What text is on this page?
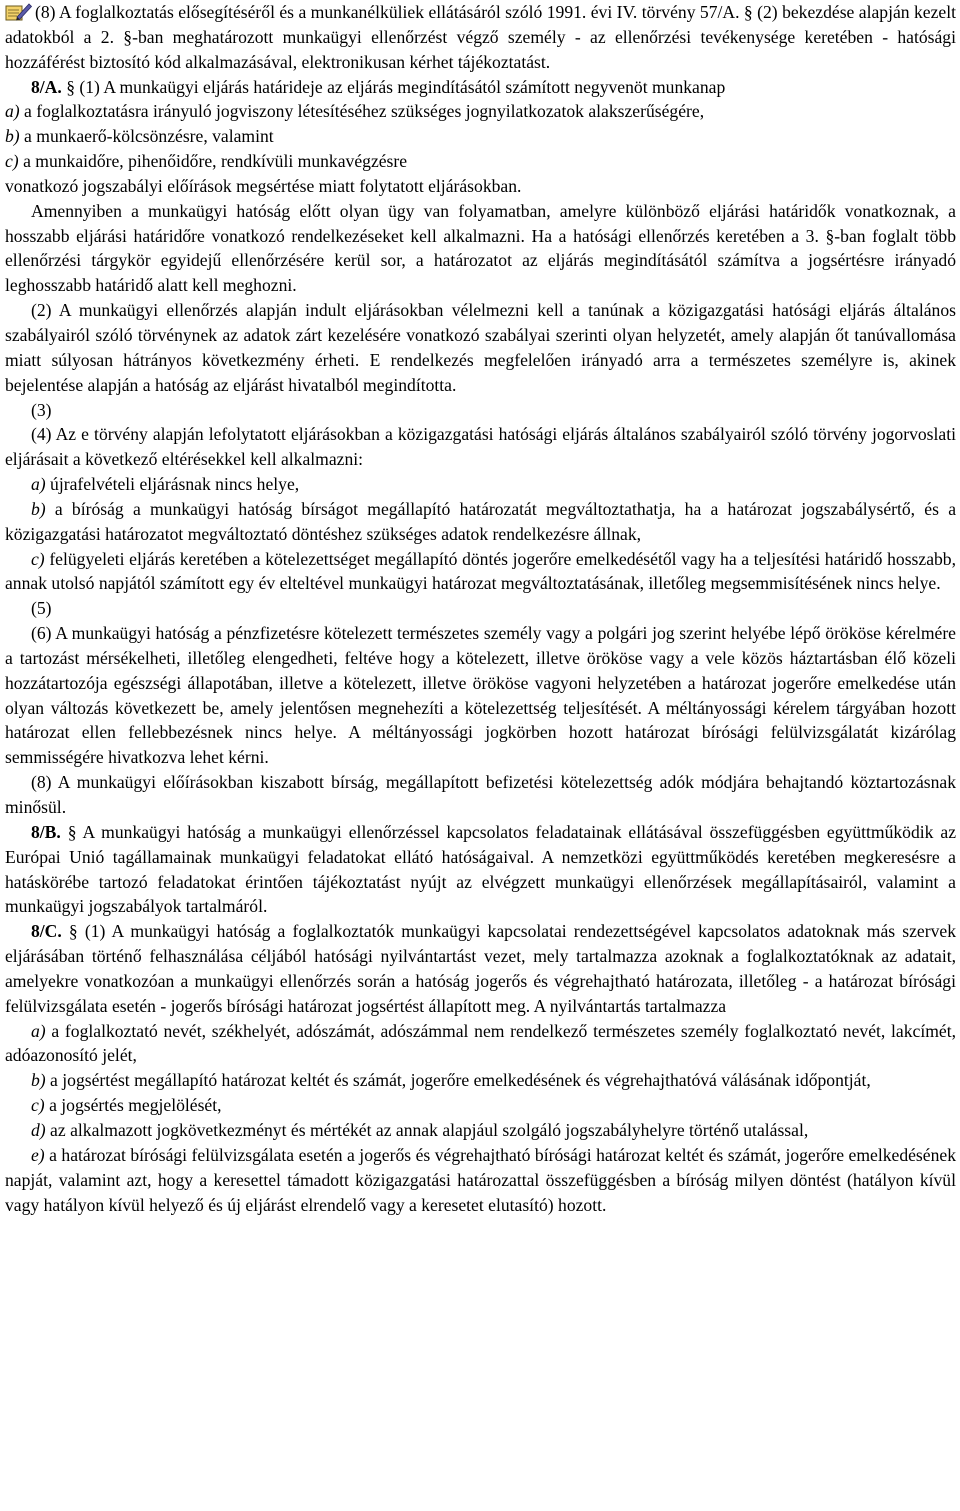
(8) A foglalkoztatás elősegítéséről és a munkanélküliek ellátásáról szóló 1991. évi IV. törvény 57/A. § (2) bekezdése alapján kezelt adatokból a 2. §-ban meghatározott munkaügyi ellenőrzést végző személy - az ellenőrzési tevékenysége keretében - hatósági hozzáférést biztosító kód alkalmazásával, elektronikusan kérhet tájékoztatást.

8/A. § (1) A munkaügyi eljárás határideje az eljárás megindításától számított negyvenöt munkanap

a) a foglalkoztatásra irányuló jogviszony létesítéséhez szükséges jognyilatkozatok alakszerűségére,

b) a munkaerő-kölcsönzésre, valamint

c) a munkaidőre, pihenőidőre, rendkívüli munkavégzésre

vonatkozó jogszabályi előírások megsértése miatt folytatott eljárásokban.

Amennyiben a munkaügyi hatóság előtt olyan ügy van folyamatban, amelyre különböző eljárási határidők vonatkoznak, a hosszabb eljárási határidőre vonatkozó rendelkezéseket kell alkalmazni. Ha a hatósági ellenőrzés keretében a 3. §-ban foglalt több ellenőrzési tárgykör egyidejű ellenőrzésére kerül sor, a határozatot az eljárás megindításától számítva a jogsértésre irányadó leghosszabb határidő alatt kell meghozni.

(2) A munkaügyi ellenőrzés alapján indult eljárásokban vélelmezni kell a tanúnak a közigazgatási hatósági eljárás általános szabályairól szóló törvénynek az adatok zárt kezelésére vonatkozó szabályai szerinti olyan helyzetét, amely alapján őt tanúvallomása miatt súlyosan hátrányos következmény érheti. E rendelkezés megfelelően irányadó arra a természetes személyre is, akinek bejelentése alapján a hatóság az eljárást hivatalból megindította.

(3)

(4) Az e törvény alapján lefolytatott eljárásokban a közigazgatási hatósági eljárás általános szabályairól szóló törvény jogorvoslati eljárásait a következő eltérésekkel kell alkalmazni:

a) újrafelvételi eljárásnak nincs helye,

b) a bíróság a munkaügyi hatóság bírságot megállapító határozatát megváltoztathatja, ha a határozat jogszabálysértő, és a közigazgatási határozatot megváltoztató döntéshez szükséges adatok rendelkezésre állnak,

c) felügyeleti eljárás keretében a kötelezettséget megállapító döntés jogerőre emelkedésétől vagy ha a teljesítési határidő hosszabb, annak utolsó napjától számított egy év elteltével munkaügyi határozat megváltoztatásának, illetőleg megsemmisítésének nincs helye.

(5)

(6) A munkaügyi hatóság a pénzfizetésre kötelezett természetes személy vagy a polgári jog szerint helyébe lépő örököse kérelmére a tartozást mérsékelheti, illetőleg elengedheti, feltéve hogy a kötelezett, illetve örököse vagy a vele közös háztartásban élő közeli hozzátartozója egészségi állapotában, illetve a kötelezett, illetve örököse vagyoni helyzetében a határozat jogerőre emelkedése után olyan változás következett be, amely jelentősen megnehezíti a kötelezettség teljesítését. A méltányossági kérelem tárgyában hozott határozat ellen fellebbezésnek nincs helye. A méltányossági jogkörben hozott határozat bírósági felülvizsgálatát kizárólag semmisségére hivatkozva lehet kérni.

(8) A munkaügyi előírásokban kiszabott bírság, megállapított befizetési kötelezettség adók módjára behajtandó köztartozásnak minősül.

8/B. § A munkaügyi hatóság a munkaügyi ellenőrzéssel kapcsolatos feladatainak ellátásával összefüggésben együttműködik az Európai Unió tagállamainak munkaügyi feladatokat ellátó hatóságaival. A nemzetközi együttműködés keretében megkeresésre a hatáskörébe tartozó feladatokat érintően tájékoztatást nyújt az elvégzett munkaügyi ellenőrzések megállapításairól, valamint a munkaügyi jogszabályok tartalmáról.

8/C. § (1) A munkaügyi hatóság a foglalkoztatók munkaügyi kapcsolatai rendezettségével kapcsolatos adatoknak más szervek eljárásában történő felhasználása céljából hatósági nyilvántartást vezet, mely tartalmazza azoknak a foglalkoztatóknak az adatait, amelyekre vonatkozóan a munkaügyi ellenőrzés során a hatóság jogerős és végrehajtható határozata, illetőleg - a határozat bírósági felülvizsgálata esetén - jogerős bírósági határozat jogsértést állapított meg. A nyilvántartás tartalmazza

a) a foglalkoztató nevét, székhelyét, adószámát, adószámmal nem rendelkező természetes személy foglalkoztató nevét, lakcímét, adóazonosító jelét,

b) a jogsértést megállapító határozat keltét és számát, jogerőre emelkedésének és végrehajthatóvá válásának időpontját,

c) a jogsértés megjelölését,

d) az alkalmazott jogkövetkezményt és mértékét az annak alapjául szolgáló jogszabályhelyre történő utalással,

e) a határozat bírósági felülvizsgálata esetén a jogerős és végrehajtható bírósági határozat keltét és számát, jogerőre emelkedésének napját, valamint azt, hogy a keresettel támadott közigazgatási határozattal összefüggésben a bíróság milyen döntést (hatályon kívül vagy hatályon kívül helyező és új eljárást elrendelő vagy a keresetet elutasító) hozott.
